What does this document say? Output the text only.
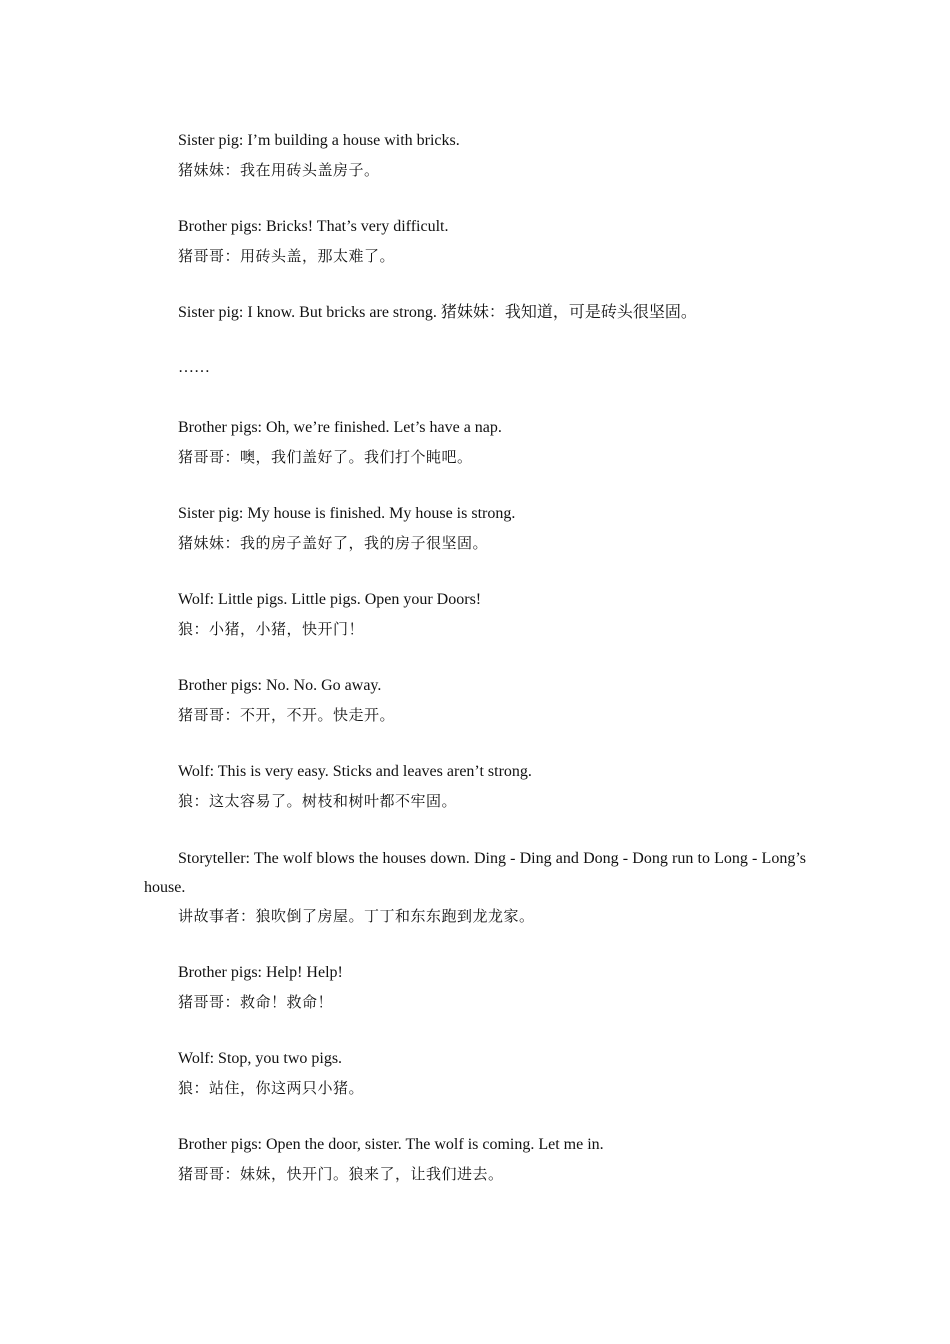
Sister pig: I’m building a house with bricks.
猪妹妹：我在用砖头盖房子。
Brother pigs: Bricks! That’s very difficult.
猪哥哥：用砖头盖，那太难了。
Sister pig: I know. But bricks are strong. 猪妹妹：我知道，可是砖头很坚固。
……
Brother pigs: Oh, we’re finished. Let’s have a nap.
猪哥哥：噢，我们盖好了。我们打个盹吧。
Sister pig: My house is finished. My house is strong.
猪妹妹：我的房子盖好了，我的房子很坚固。
Wolf: Little pigs. Little pigs. Open your Doors!
狼：小猪，小猪，快开门！
Brother pigs: No. No. Go away.
猪哥哥：不开，不开。快走开。
Wolf: This is very easy. Sticks and leaves aren’t strong.
狼：这太容易了。树枝和树叶都不牢固。
Storyteller: The wolf blows the houses down. Ding - Ding and Dong - Dong run to Long - Long’s house.
讲故事者：狼吹倒了房屋。丁丁和东东跑到龙龙家。
Brother pigs: Help! Help!
猪哥哥：救命！救命！
Wolf: Stop, you two pigs.
狼：站住，你这两只小猪。
Brother pigs: Open the door, sister. The wolf is coming. Let me in.
猪哥哥：妹妹，快开门。狼来了，让我们进去。
